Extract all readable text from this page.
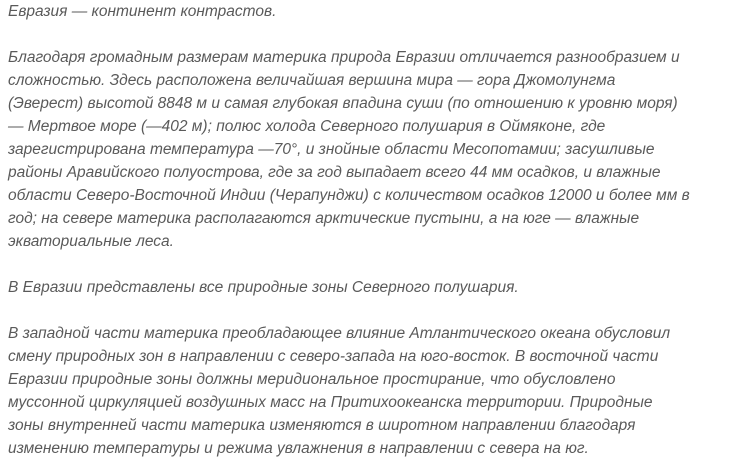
Евразия — континент контрастов.

Благодаря громадным размерам материка природа Евразии отличается разнообразием и
сложностью. Здесь расположена величайшая вершина мира — гора Джомолунгма
(Эверест) высотой 8848 м и самая глубокая впадина суши (по отношению к уровню моря)
— Мертвое море (—402 м); полюс холода Северного полушария в Оймяконе, где
зарегистрирована температура —70°, и знойные области Месопотамии; засушливые
районы Аравийского полуострова, где за год выпадает всего 44 мм осадков, и влажные
области Северо-Восточной Индии (Черапунджи) с количеством осадков 12000 и более мм в
год; на севере материка располагаются арктические пустыни, а на юге — влажные
экваториальные леса.

В Евразии представлены все природные зоны Северного полушария.

В западной части материка преобладающее влияние Атлантического океана обусловил
смену природных зон в направлении с северо-запада на юго-восток. В восточной части
Евразии природные зоны должны меридиональное простирание, что обусловлено
муссонной циркуляцией воздушных масс на Притихоокеанска территории. Природные
зоны внутренней части материка изменяются в широтном направлении благодаря
изменению температуры и режима увлажнения в направлении с севера на юг.
